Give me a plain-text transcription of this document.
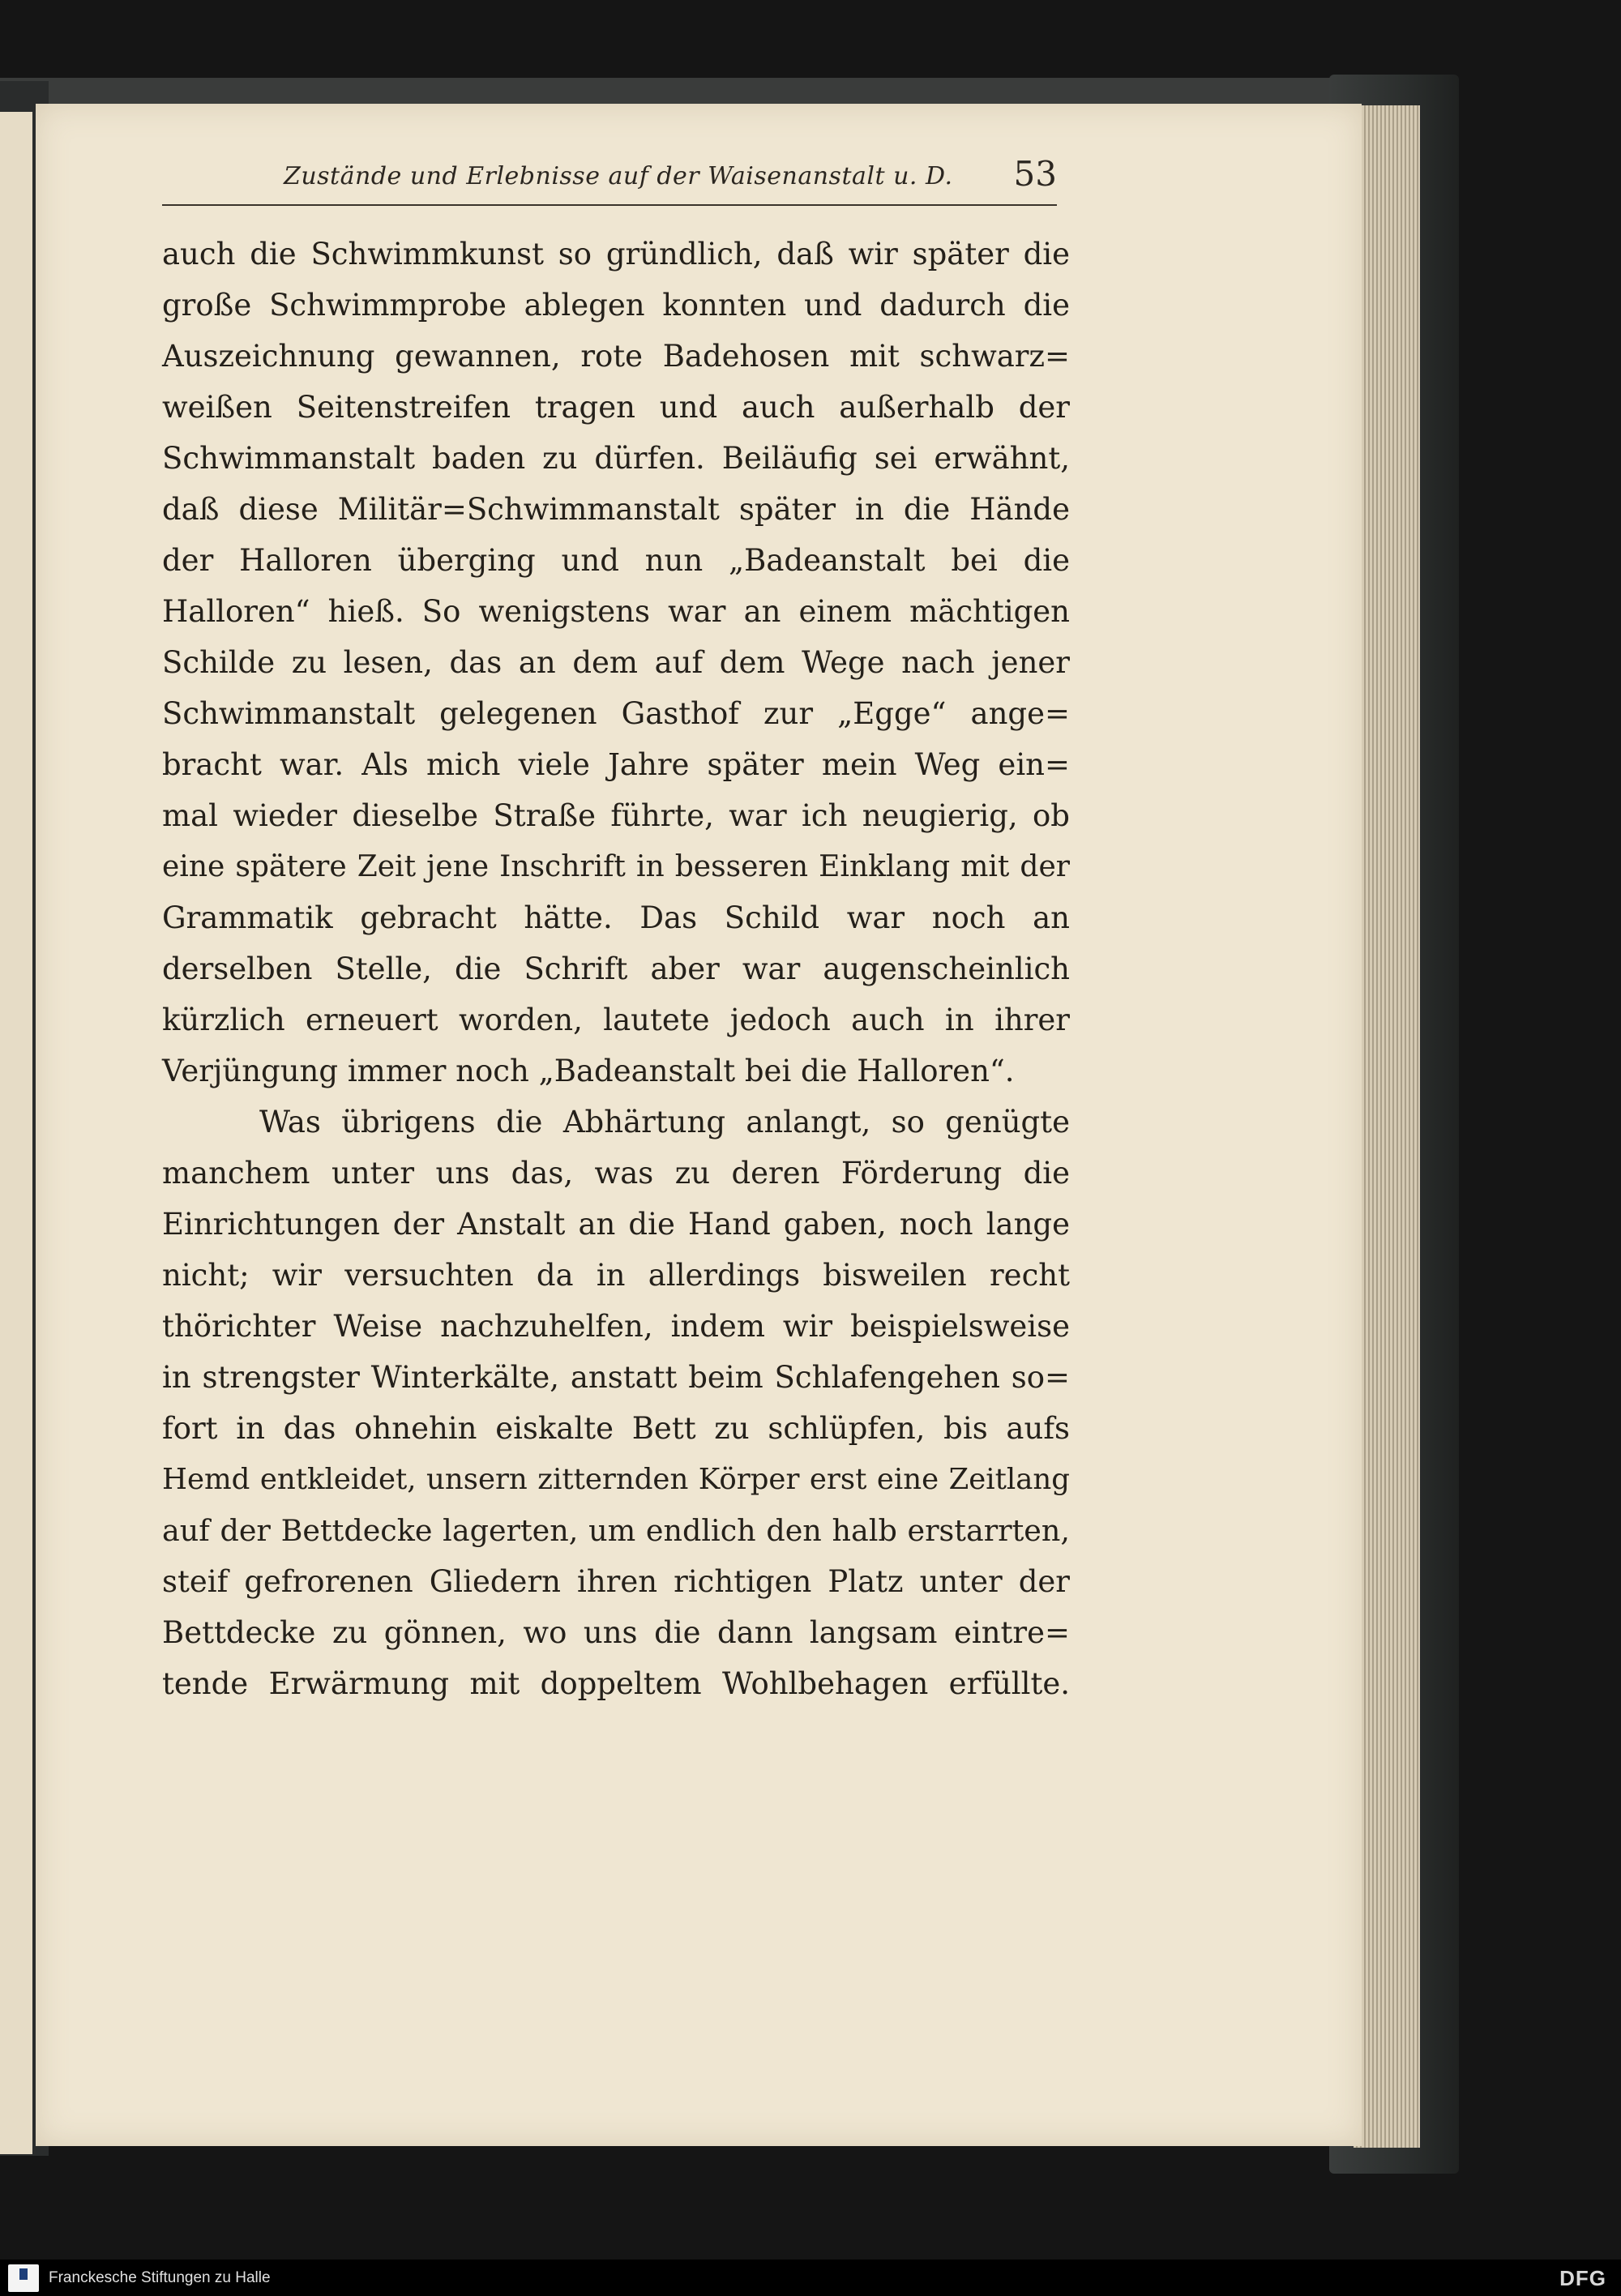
Zustände und Erlebnisse auf der Waisenanstalt u. D. 53
auch die Schwimmkunst so gründlich, daß wir später die
große Schwimmprobe ablegen konnten und dadurch die
Auszeichnung gewannen, rote Badehosen mit schwarz=
weißen Seitenstreifen tragen und auch außerhalb der
Schwimmanstalt baden zu dürfen. Beiläufig sei erwähnt,
daß diese Militär=Schwimmanstalt später in die Hände
der Halloren überging und nun „Badeanstalt bei die
Halloren“ hieß. So wenigstens war an einem mächtigen
Schilde zu lesen, das an dem auf dem Wege nach jener
Schwimmanstalt gelegenen Gasthof zur „Egge“ ange=
bracht war. Als mich viele Jahre später mein Weg ein=
mal wieder dieselbe Straße führte, war ich neugierig, ob
eine spätere Zeit jene Inschrift in besseren Einklang mit der
Grammatik gebracht hätte. Das Schild war noch an
derselben Stelle, die Schrift aber war augenscheinlich
kürzlich erneuert worden, lautete jedoch auch in ihrer
Verjüngung immer noch „Badeanstalt bei die Halloren“.
Was übrigens die Abhärtung anlangt, so genügte
manchem unter uns das, was zu deren Förderung die
Einrichtungen der Anstalt an die Hand gaben, noch lange
nicht; wir versuchten da in allerdings bisweilen recht
thörichter Weise nachzuhelfen, indem wir beispielsweise
in strengster Winterkälte, anstatt beim Schlafengehen so=
fort in das ohnehin eiskalte Bett zu schlüpfen, bis aufs
Hemd entkleidet, unsern zitternden Körper erst eine Zeitlang
auf der Bettdecke lagerten, um endlich den halb erstarrten,
steif gefrorenen Gliedern ihren richtigen Platz unter der
Bettdecke zu gönnen, wo uns die dann langsam eintre=
tende Erwärmung mit doppeltem Wohlbehagen erfüllte.
Franckesche Stiftungen zu Halle	DFG
